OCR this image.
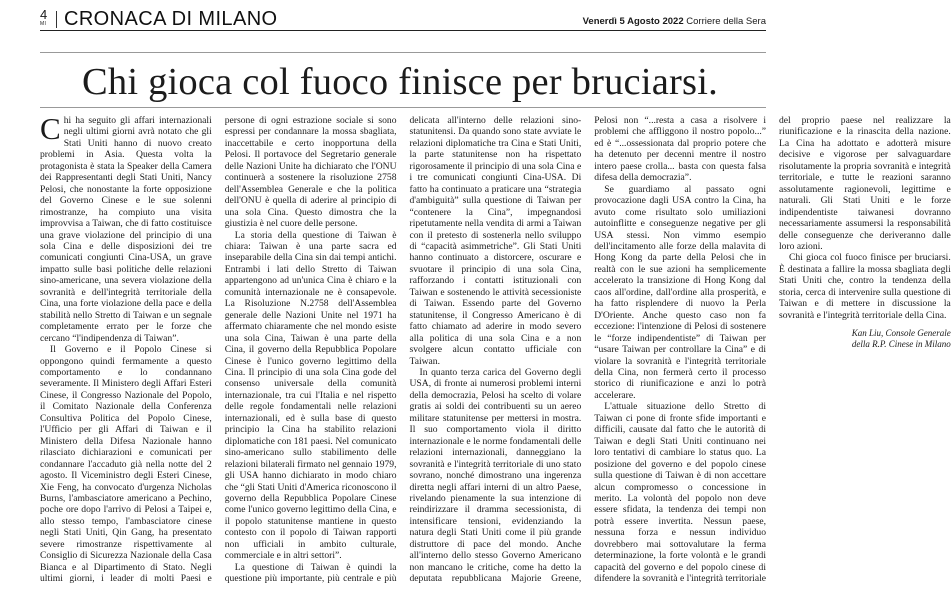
4
MI CRONACA DI MILANO	Venerdì 5 Agosto 2022 Corriere della Sera
Chi gioca col fuoco finisce per bruciarsi.

Chi ha seguito gli affari internazionali negli ultimi giorni avrà notato che gli Stati Uniti hanno di nuovo creato problemi in Asia. Questa volta la protagonista è stata la Speaker della Camera dei Rappresentanti degli Stati Uniti, Nancy Pelosi, che nonostante la forte opposizione del Governo Cinese e le sue solenni rimostranze, ha compiuto una visita improvvisa a Taiwan, che di fatto costituisce una grave violazione del principio di una sola Cina e delle disposizioni dei tre comunicati congiunti Cina-USA, un grave impatto sulle basi politiche delle relazioni sino-americane, una severa violazione della sovranità e dell'integrità territoriale della Cina, una forte violazione della pace e della stabilità nello Stretto di Taiwan e un segnale completamente errato per le forze che cercano “l'indipendenza di Taiwan”.

Il Governo e il Popolo Cinese si oppongono quindi fermamente a questo comportamento e lo condannano severamente. Il Ministero degli Affari Esteri Cinese, il Congresso Nazionale del Popolo, il Comitato Nazionale della Conferenza Consultiva Politica del Popolo Cinese, l'Ufficio per gli Affari di Taiwan e il Ministero della Difesa Nazionale hanno rilasciato dichiarazioni e comunicati per condannare l'accaduto già nella notte del 2 agosto. Il Viceministro degli Esteri Cinese, Xie Feng, ha convocato d'urgenza Nicholas Burns, l'ambasciatore americano a Pechino, poche ore dopo l'arrivo di Pelosi a Taipei e, allo stesso tempo, l'ambasciatore cinese negli Stati Uniti, Qin Gang, ha presentato severe rimostranze rispettivamente al Consiglio di Sicurezza Nazionale della Casa Bianca e al Dipartimento di Stato. Negli ultimi giorni, i leader di molti Paesi e persone di ogni estrazione sociale si sono espressi per condannare la mossa sbagliata, inaccettabile e certo inopportuna della Pelosi. Il portavoce del Segretario generale delle Nazioni Unite ha dichiarato che l'ONU continuerà a sostenere la risoluzione 2758 dell'Assemblea Generale e che la politica dell'ONU è quella di aderire al principio di una sola Cina. Questo dimostra che la giustizia è nel cuore delle persone.

La storia della questione di Taiwan è chiara: Taiwan è una parte sacra ed inseparabile della Cina sin dai tempi antichi. Entrambi i lati dello Stretto di Taiwan appartengono ad un'unica Cina è chiaro e la comunità internazionale ne è consapevole. La Risoluzione N.2758 dell'Assemblea generale delle Nazioni Unite nel 1971 ha affermato chiaramente che nel mondo esiste una sola Cina, Taiwan è una parte della Cina, il governo della Repubblica Popolare Cinese è l'unico governo legittimo della Cina. Il principio di una sola Cina gode del consenso universale della comunità internazionale, tra cui l'Italia e nel rispetto delle regole fondamentali nelle relazioni internazionali, ed è sulla base di questo principio la Cina ha stabilito relazioni diplomatiche con 181 paesi. Nel comunicato sino-americano sullo stabilimento delle relazioni bilaterali firmato nel gennaio 1979, gli USA hanno dichiarato in modo chiaro che “gli Stati Uniti d'America riconoscono il governo della Repubblica Popolare Cinese come l'unico governo legittimo della Cina, e il popolo statunitense mantiene in questo contesto con il popolo di Taiwan rapporti non ufficiali in ambito culturale, commerciale e in altri settori”.

La questione di Taiwan è quindi la questione più importante, più centrale e più delicata all'interno delle relazioni sino-statunitensi. Da quando sono state avviate le relazioni diplomatiche tra Cina e Stati Uniti, la parte statunitense non ha rispettato rigorosamente il principio di una sola Cina e i tre comunicati congiunti Cina-USA. Di fatto ha continuato a praticare una “strategia d'ambiguità” sulla questione di Taiwan per “contenere la Cina”, impegnandosi ripetutamente nella vendita di armi a Taiwan con il pretesto di sostenerla nello sviluppo di “capacità asimmetriche”. Gli Stati Uniti hanno continuato a distorcere, oscurare e svuotare il principio di una sola Cina, rafforzando i contatti istituzionali con Taiwan e sostenendo le attività secessioniste di Taiwan. Essendo parte del Governo statunitense, il Congresso Americano è di fatto chiamato ad aderire in modo severo alla politica di una sola Cina e a non svolgere alcun contatto ufficiale con Taiwan.

In quanto terza carica del Governo degli USA, di fronte ai numerosi problemi interni della democrazia, Pelosi ha scelto di volare gratis ai soldi dei contribuenti su un aereo militare statunitense per mettersi in mostra. Il suo comportamento viola il diritto internazionale e le norme fondamentali delle relazioni internazionali, danneggiano la sovranità e l'integrità territoriale di uno stato sovrano, nonché dimostrano una ingerenza diretta negli affari interni di un altro Paese, rivelando pienamente la sua intenzione di reindirizzare il dramma secessionista, di intensificare tensioni, evidenziando la natura degli Stati Uniti come il più grande distruttore di pace del mondo. Anche all'interno dello stesso Governo Americano non mancano le critiche, come ha detto la deputata repubblicana Majorie Greene, Pelosi non “...resta a casa a risolvere i problemi che affliggono il nostro popolo...” ed è “...ossessionata dal proprio potere che ha detenuto per decenni mentre il nostro intero paese crolla... basta con questa falsa difesa della democrazia”.

Se guardiamo al passato ogni provocazione dagli USA contro la Cina, ha avuto come risultato solo umiliazioni autoinflitte e conseguenze negative per gli USA stessi. Non vimmo esempio dell'incitamento alle forze della malavita di Hong Kong da parte della Pelosi che in realtà con le sue azioni ha semplicemente accelerato la transizione di Hong Kong dal caos all'ordine, dall'ordine alla prosperità, e ha fatto risplendere di nuovo la Perla D'Oriente. Anche questo caso non fa eccezione: l'intenzione di Pelosi di sostenere le “forze indipendentiste” di Taiwan per “usare Taiwan per controllare la Cina” e di violare la sovranità e l'integrità territoriale della Cina, non fermerà certo il processo storico di riunificazione e anzi lo potrà accelerare.

L'attuale situazione dello Stretto di Taiwan ci pone di fronte sfide importanti e difficili, causate dal fatto che le autorità di Taiwan e degli Stati Uniti continuano nei loro tentativi di cambiare lo status quo. La posizione del governo e del popolo cinese sulla questione di Taiwan è di non accettare alcun compromesso o concessione in merito. La volontà del popolo non deve essere sfidata, la tendenza dei tempi non potrà essere invertita. Nessun paese, nessuna forza e nessun individuo dovrebbero mai sottovalutare la ferma determinazione, la forte volontà e le grandi capacità del governo e del popolo cinese di difendere la sovranità e l'integrità territoriale del proprio paese nel realizzare la riunificazione e la rinascita della nazione. La Cina ha adottato e adotterà misure decisive e vigorose per salvaguardare risolutamente la propria sovranità e integrità territoriale, e tutte le reazioni saranno assolutamente ragionevoli, legittime e naturali. Gli Stati Uniti e le forze indipendentiste taiwanesi dovranno necessariamente assumersi la responsabilità delle conseguenze che deriveranno dalle loro azioni.

Chi gioca col fuoco finisce per bruciarsi. È destinata a fallire la mossa sbagliata degli Stati Uniti che, contro la tendenza della storia, cerca di intervenire sulla questione di Taiwan e di mettere in discussione la sovranità e l'integrità territoriale della Cina.

Kan Liu, Console Generale
della R.P. Cinese in Milano
